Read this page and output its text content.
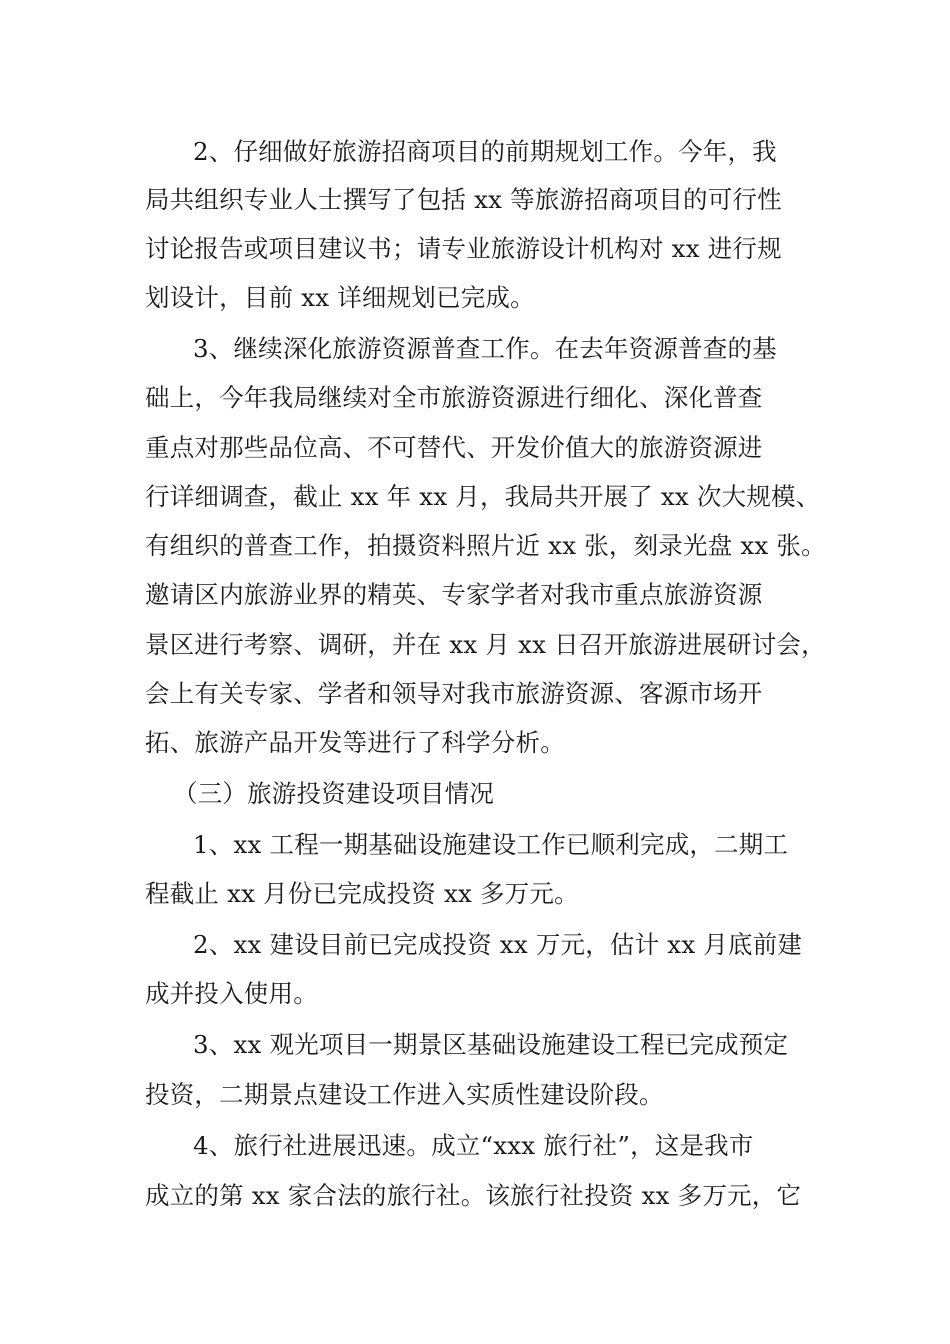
2、仔细做好旅游招商项目的前期规划工作。今年，我
局共组织专业人士撰写了包括 xx 等旅游招商项目的可行性
讨论报告或项目建议书；请专业旅游设计机构对 xx 进行规
划设计，目前 xx 详细规划已完成。
3、继续深化旅游资源普查工作。在去年资源普查的基
础上，今年我局继续对全市旅游资源进行细化、深化普查
重点对那些品位高、不可替代、开发价值大的旅游资源进
行详细调查，截止 xx 年 xx 月，我局共开展了 xx 次大规模、
有组织的普查工作，拍摄资料照片近 xx 张，刻录光盘 xx 张。
邀请区内旅游业界的精英、专家学者对我市重点旅游资源
景区进行考察、调研，并在 xx 月 xx 日召开旅游进展研讨会，
会上有关专家、学者和领导对我市旅游资源、客源市场开
拓、旅游产品开发等进行了科学分析。
（三）旅游投资建设项目情况
1、xx 工程一期基础设施建设工作已顺利完成，二期工
程截止 xx 月份已完成投资 xx 多万元。
2、xx 建设目前已完成投资 xx 万元，估计 xx 月底前建
成并投入使用。
3、xx 观光项目一期景区基础设施建设工程已完成预定
投资，二期景点建设工作进入实质性建设阶段。
4、旅行社进展迅速。成立“xxx 旅行社”，这是我市
成立的第 xx 家合法的旅行社。该旅行社投资 xx 多万元，它
